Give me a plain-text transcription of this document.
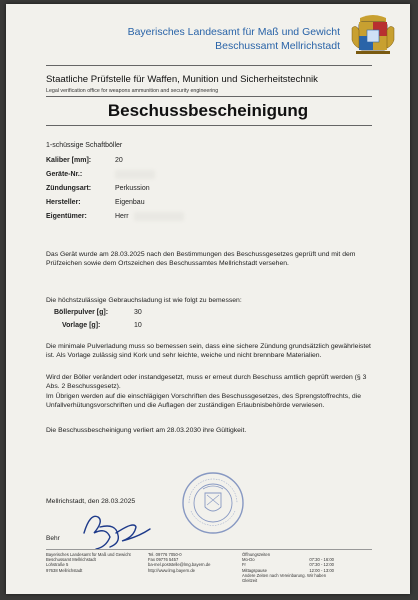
Bayerisches Landesamt für Maß und Gewicht
Beschussamt Mellrichstadt
Staatliche Prüfstelle für Waffen, Munition und Sicherheitstechnik
Legal verification office for weapons ammunition and security engineering
Beschussbescheinigung
1-schüssige Schaftböller
Kaliber [mm]:	20
Geräte-Nr.:
Zündungsart:	Perkussion
Hersteller:	Eigenbau
Eigentümer:	Herr
Das Gerät wurde am 28.03.2025 nach den Bestimmungen des Beschussgesetzes geprüft und mit dem Prüfzeichen sowie dem Ortszeichen des Beschussamtes Mellrichstadt versehen.
Die höchstzulässige Gebrauchsladung ist wie folgt zu bemessen:
Böllerpulver [g]:	30
Vorlage [g]:	10
Die minimale Pulverladung muss so bemessen sein, dass eine sichere Zündung grundsätzlich gewährleistet ist. Als Vorlage zulässig sind Kork und sehr leichte, weiche und nicht brennbare Materialien.
Wird der Böller verändert oder instandgesetzt, muss er erneut durch Beschuss amtlich geprüft werden (§ 3 Abs. 2 Beschussgesetz).
Im Übrigen werden auf die einschlägigen Vorschriften des Beschussgesetzes, des Sprengstoffrechts, die Unfallverhütungsvorschriften und die Auflagen der zuständigen Erlaubnisbehörde verwiesen.
Die Beschussbescheinigung verliert am 28.03.2030 ihre Gültigkeit.
Mellrichstadt, den 28.03.2025
Behr
Bayerisches Landesamt für Maß und Gewicht
Beschussamt Mellrichstadt
Lohstraße 5
97638 Mellrichstadt
Tel. 09776 7050-0
Fax 09776 5457
ba-mel.poststelle@lmg.bayern.de
http://www.lmg.bayern.de
Öffnungszeiten
Mo-Do	07:30 - 16:00
Fr	07:30 - 12:00
Mittagspause	12:00 - 13:00
Andere Zeiten nach Vereinbarung. Wir haben Gleitzeit
